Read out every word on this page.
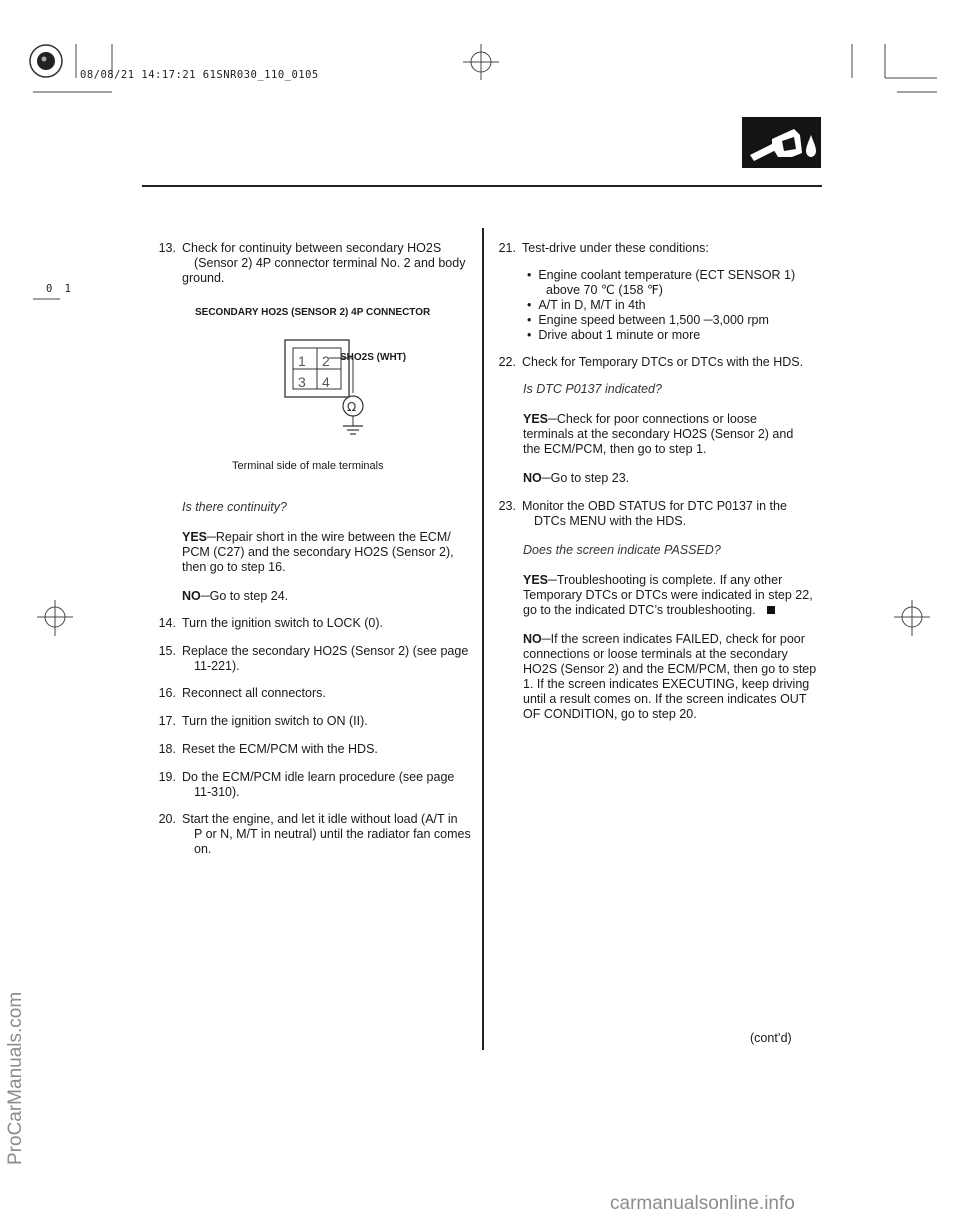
08/08/21 14:17:21 61SNR030_110_0105
0 1
13. Check for continuity between secondary HO2S
(Sensor 2) 4P connector terminal No. 2 and body
ground.
SECONDARY HO2S (SENSOR 2) 4P CONNECTOR
SHO2S (WHT)
1 2
3 4
Ω
Terminal side of male terminals
Is there continuity?
YES─Repair short in the wire between the ECM/
PCM (C27) and the secondary HO2S (Sensor 2),
then go to step 16.
NO─Go to step 24.
14. Turn the ignition switch to LOCK (0).
15. Replace the secondary HO2S (Sensor 2) (see page
11-221).
16. Reconnect all connectors.
17. Turn the ignition switch to ON (II).
18. Reset the ECM/PCM with the HDS.
19. Do the ECM/PCM idle learn procedure (see page
11-310).
20. Start the engine, and let it idle without load (A/T in
P or N, M/T in neutral) until the radiator fan comes
on.
21. Test-drive under these conditions:
•  Engine coolant temperature (ECT SENSOR 1)
above 70 ℃ (158 ℉)
•  A/T in D, M/T in 4th
•  Engine speed between 1,500 ─3,000 rpm
•  Drive about 1 minute or more
22. Check for Temporary DTCs or DTCs with the HDS.
Is DTC P0137 indicated?
YES─Check for poor connections or loose
terminals at the secondary HO2S (Sensor 2) and
the ECM/PCM, then go to step 1.
NO─Go to step 23.
23. Monitor the OBD STATUS for DTC P0137 in the
DTCs MENU with the HDS.
Does the screen indicate PASSED?
YES─Troubleshooting is complete. If any other
Temporary DTCs or DTCs were indicated in step 22,
go to the indicated DTC’s troubleshooting.
NO─If the screen indicates FAILED, check for poor
connections or loose terminals at the secondary
HO2S (Sensor 2) and the ECM/PCM, then go to step
1. If the screen indicates EXECUTING, keep driving
until a result comes on. If the screen indicates OUT
OF CONDITION, go to step 20.
(cont’d)
ProCarManuals.com
carmanualsonline.info
